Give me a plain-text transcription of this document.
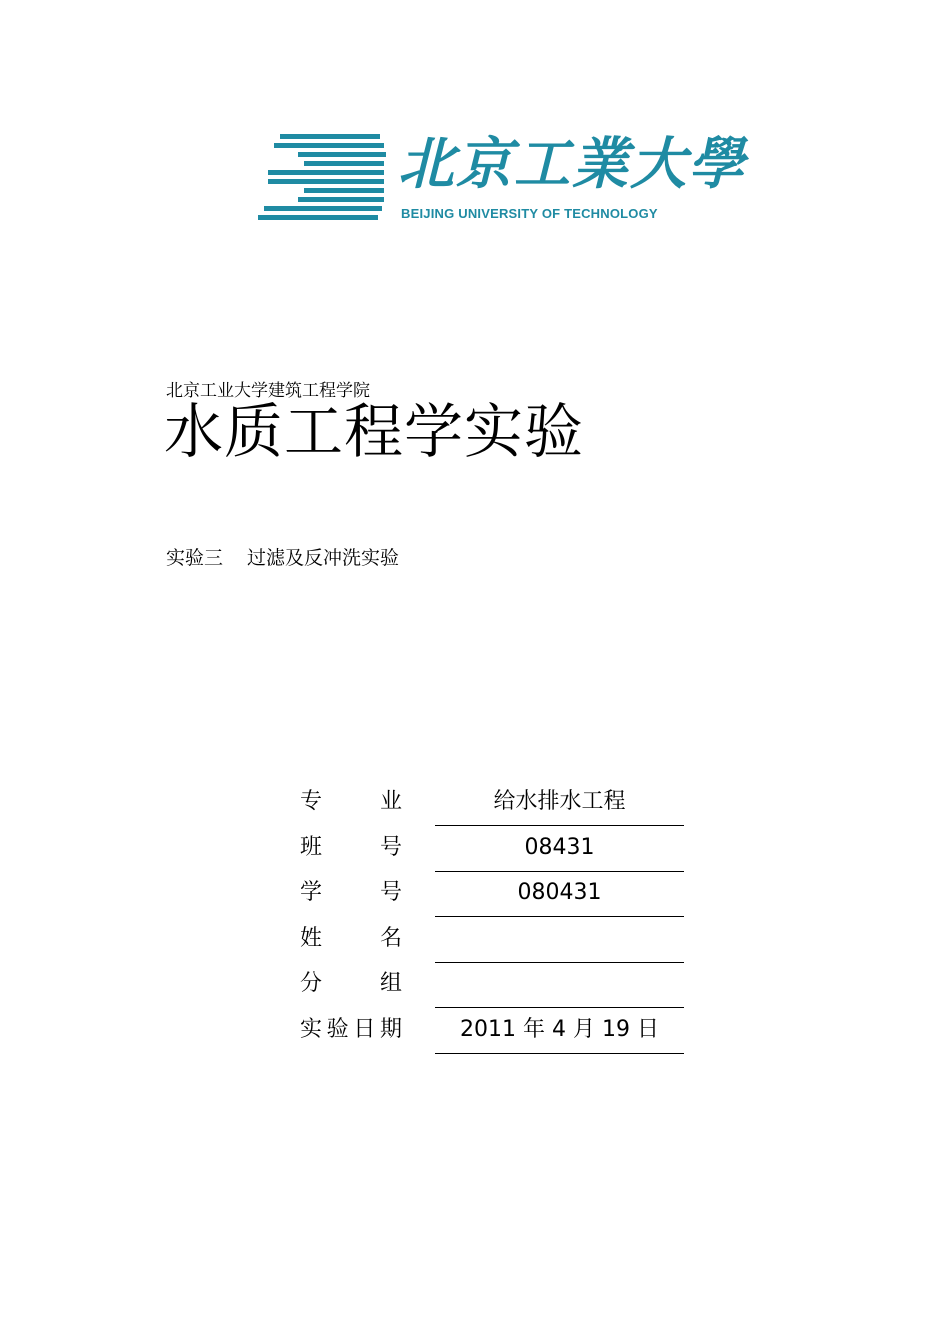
北京工業大學
BEIJING UNIVERSITY OF TECHNOLOGY
北京工业大学建筑工程学院
水质工程学实验
实验三 过滤及反冲洗实验
专业	给水排水工程
班号	08431
学号	080431
姓名
分组
实验日期	2011 年 4 月 19 日
